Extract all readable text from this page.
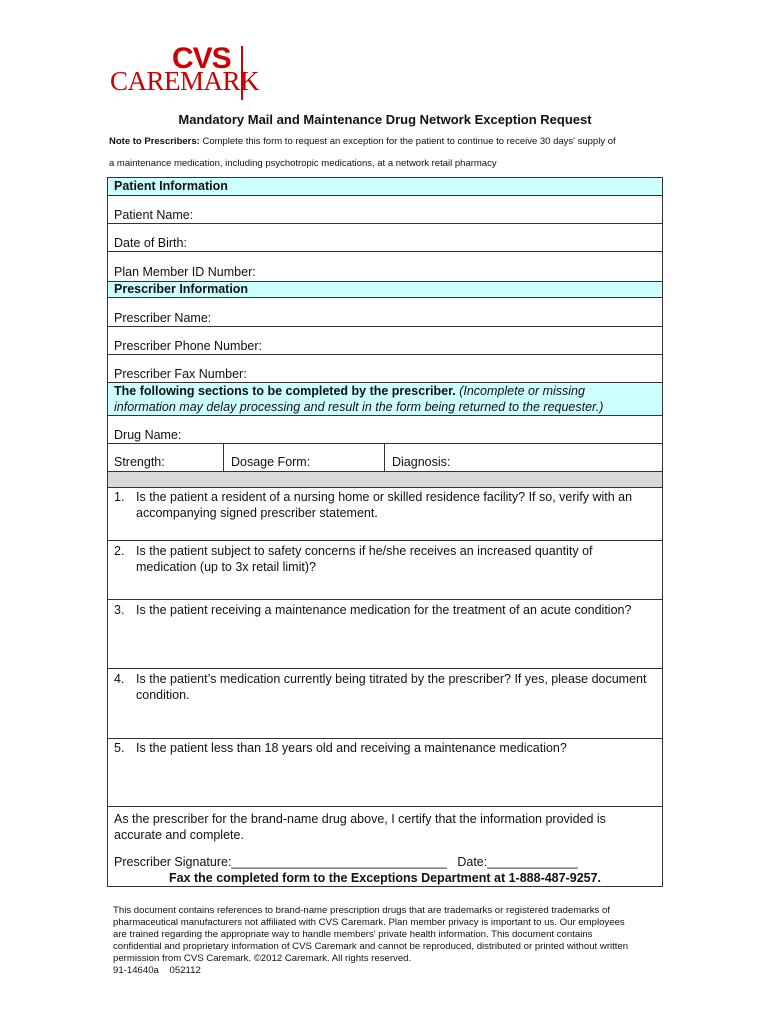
CVS
CAREMARK
Mandatory Mail and Maintenance Drug Network Exception Request
Note to Prescribers: Complete this form to request an exception for the patient to continue to receive 30 days' supply of
a maintenance medication, including psychotropic medications, at a network retail pharmacy
Patient Information
Patient Name:
Date of Birth:
Plan Member ID Number:
Prescriber Information
Prescriber Name:
Prescriber Phone Number:
Prescriber Fax Number:
The following sections to be completed by the prescriber. (Incomplete or missing
information may delay processing and result in the form being returned to the requester.)
Drug Name:
Strength:	Dosage Form:	Diagnosis:
1. Is the patient a resident of a nursing home or skilled residence facility? If so, verify with an accompanying signed prescriber statement.
2. Is the patient subject to safety concerns if he/she receives an increased quantity of medication (up to 3x retail limit)?
3. Is the patient receiving a maintenance medication for the treatment of an acute condition?
4. Is the patient’s medication currently being titrated by the prescriber? If yes, please document condition.
5. Is the patient less than 18 years old and receiving a maintenance medication?
As the prescriber for the brand-name drug above, I certify that the information provided is
accurate and complete.
Prescriber Signature:_______________________________   Date:_____________
Fax the completed form to the Exceptions Department at 1-888-487-9257.

This document contains references to brand-name prescription drugs that are trademarks or registered trademarks of

pharmaceutical manufacturers not affiliated with CVS Caremark. Plan member privacy is important to us. Our employees

are trained regarding the appropriate way to handle members' private health information. This document contains

confidential and proprietary information of CVS Caremark and cannot be reproduced, distributed or printed without written

permission from CVS Caremark. ©2012 Caremark. All rights reserved.

91-14640a    052112
